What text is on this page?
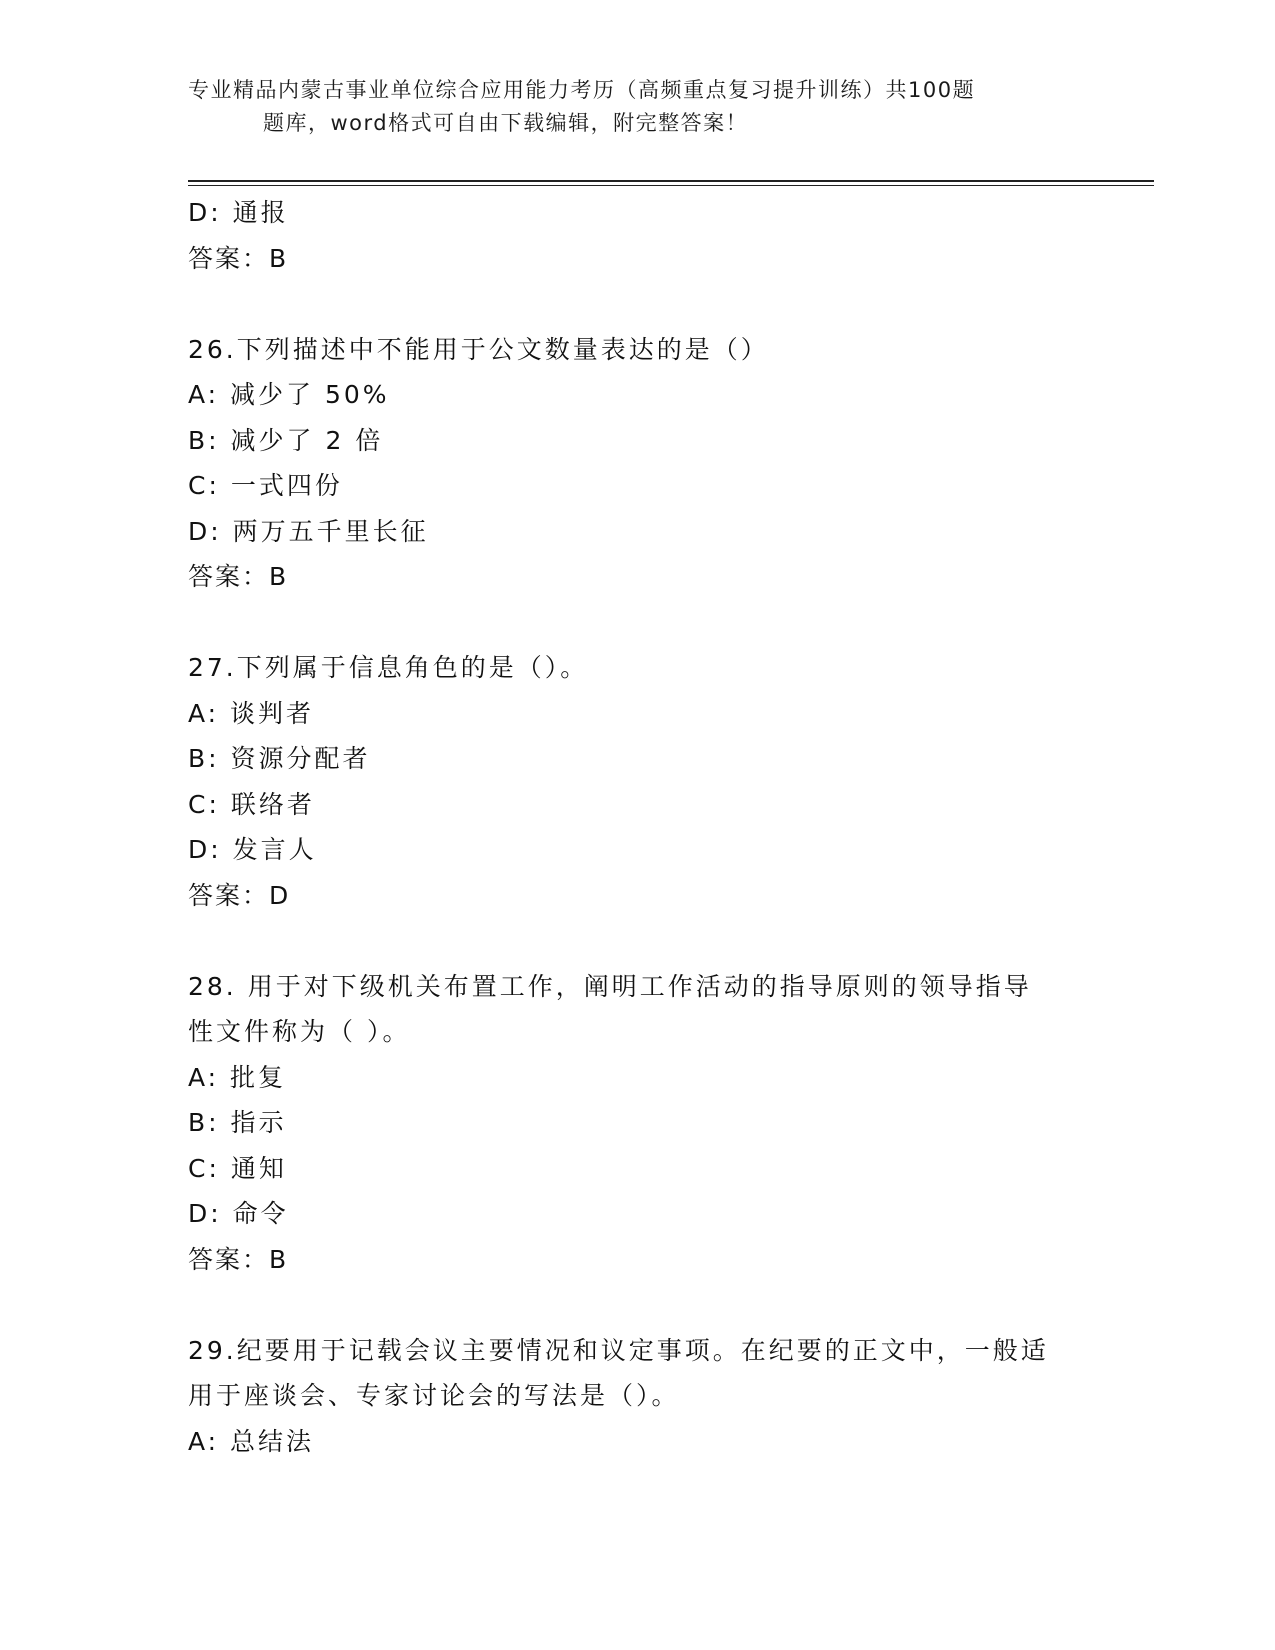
专业精品内蒙古事业单位综合应用能力考历（高频重点复习提升训练）共100题
题库，word格式可自由下载编辑，附完整答案！

D: 通报

答案：B

26.下列描述中不能用于公文数量表达的是（）

A: 减少了 50%

B: 减少了 2 倍

C: 一式四份

D: 两万五千里长征

答案：B

27.下列属于信息角色的是（）。

A: 谈判者

B: 资源分配者

C: 联络者

D: 发言人

答案：D

28. 用于对下级机关布置工作，阐明工作活动的指导原则的领导指导

性文件称为（ ）。

A: 批复

B: 指示

C: 通知

D: 命令

答案：B

29.纪要用于记载会议主要情况和议定事项。在纪要的正文中，一般适

用于座谈会、专家讨论会的写法是（）。

A: 总结法
